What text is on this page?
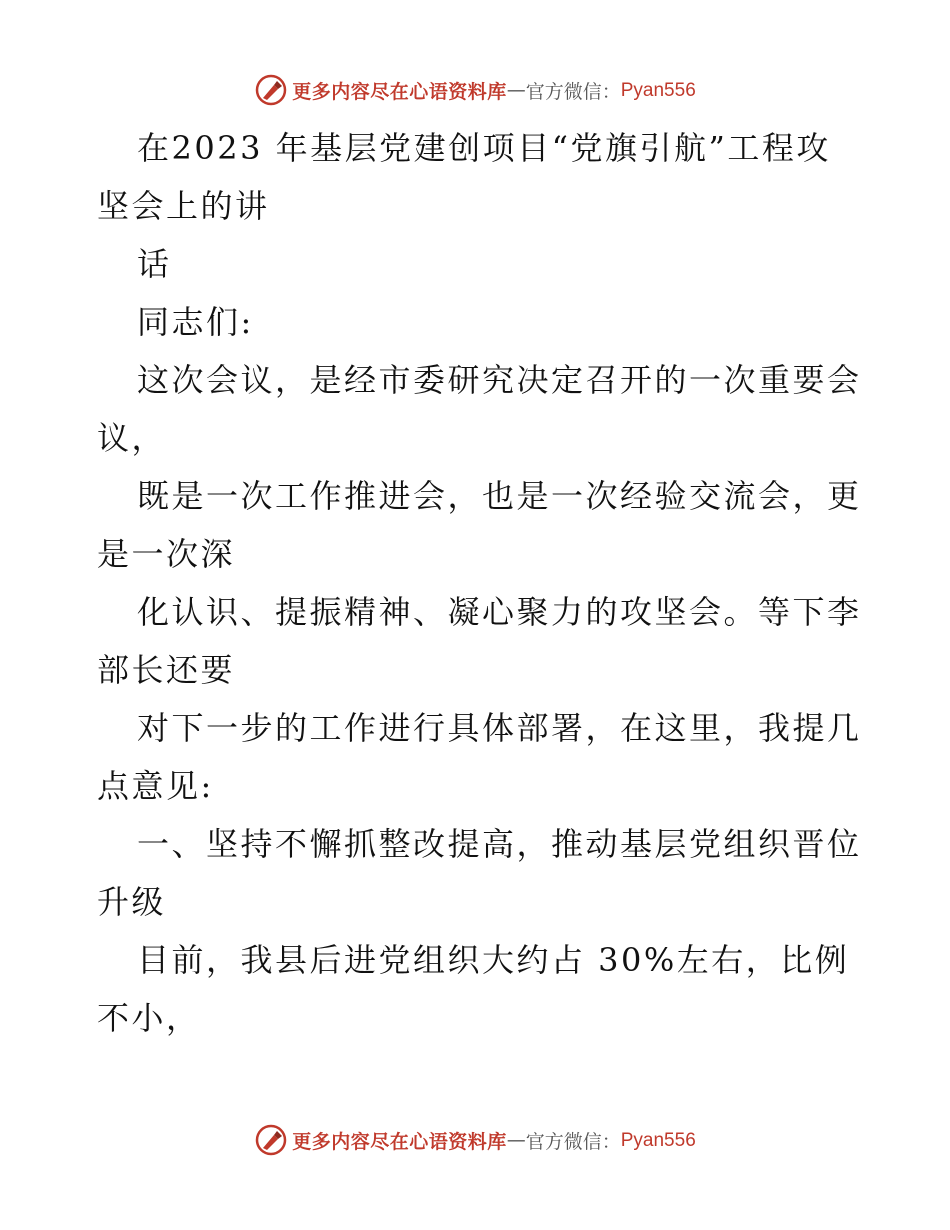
更多内容尽在心语资料库 — 官方微信： Pyan556
在2023 年基层党建创项目“党旗引航”工程攻
坚会上的讲
话
同志们:
这次会议，是经市委研究决定召开的一次重要会
议，
既是一次工作推进会，也是一次经验交流会，更
是一次深
化认识、提振精神、凝心聚力的攻坚会。等下李
部长还要
对下一步的工作进行具体部署，在这里，我提几
点意见:
一、坚持不懈抓整改提高，推动基层党组织晋位
升级
目前，我县后进党组织大约占 30%左右，比例
不小，
更多内容尽在心语资料库 — 官方微信： Pyan556
